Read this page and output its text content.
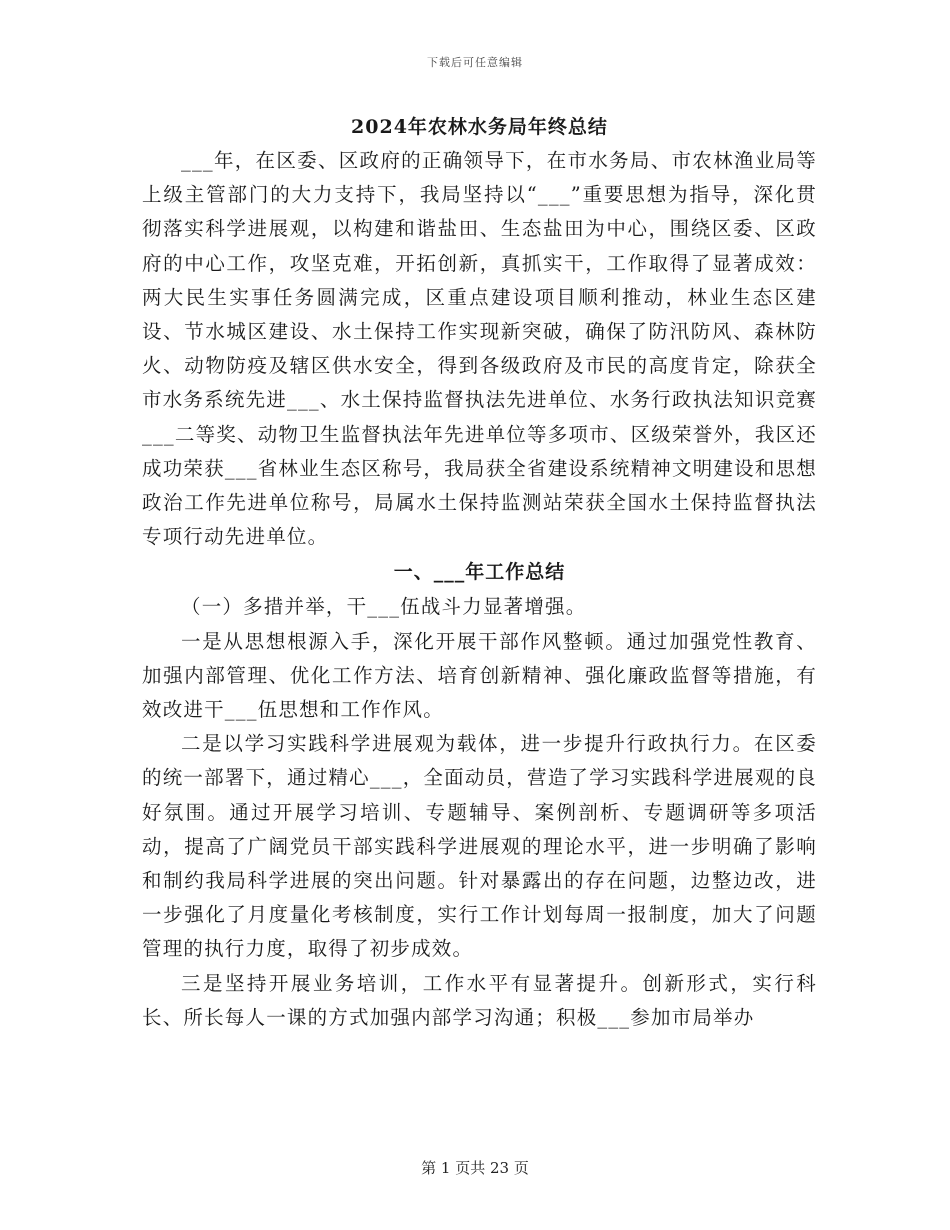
下载后可任意编辑
2024年农林水务局年终总结

___年，在区委、区政府的正确领导下，在市水务局、市农林渔业局等上级主管部门的大力支持下，我局坚持以“___”重要思想为指导，深化贯彻落实科学进展观，以构建和谐盐田、生态盐田为中心，围绕区委、区政府的中心工作，攻坚克难，开拓创新，真抓实干，工作取得了显著成效：两大民生实事任务圆满完成，区重点建设项目顺利推动，林业生态区建设、节水城区建设、水土保持工作实现新突破，确保了防汛防风、森林防火、动物防疫及辖区供水安全，得到各级政府及市民的高度肯定，除获全市水务系统先进___、水土保持监督执法先进单位、水务行政执法知识竞赛___二等奖、动物卫生监督执法年先进单位等多项市、区级荣誉外，我区还成功荣获___省林业生态区称号，我局获全省建设系统精神文明建设和思想政治工作先进单位称号，局属水土保持监测站荣获全国水土保持监督执法专项行动先进单位。

一、___年工作总结

（一）多措并举，干___伍战斗力显著增强。

一是从思想根源入手，深化开展干部作风整顿。通过加强党性教育、加强内部管理、优化工作方法、培育创新精神、强化廉政监督等措施，有效改进干___伍思想和工作作风。

二是以学习实践科学进展观为载体，进一步提升行政执行力。在区委的统一部署下，通过精心___，全面动员，营造了学习实践科学进展观的良好氛围。通过开展学习培训、专题辅导、案例剖析、专题调研等多项活动，提高了广阔党员干部实践科学进展观的理论水平，进一步明确了影响和制约我局科学进展的突出问题。针对暴露出的存在问题，边整边改，进一步强化了月度量化考核制度，实行工作计划每周一报制度，加大了问题管理的执行力度，取得了初步成效。

三是坚持开展业务培训，工作水平有显著提升。创新形式，实行科长、所长每人一课的方式加强内部学习沟通；积极___参加市局举办

第 1 页共 23 页
